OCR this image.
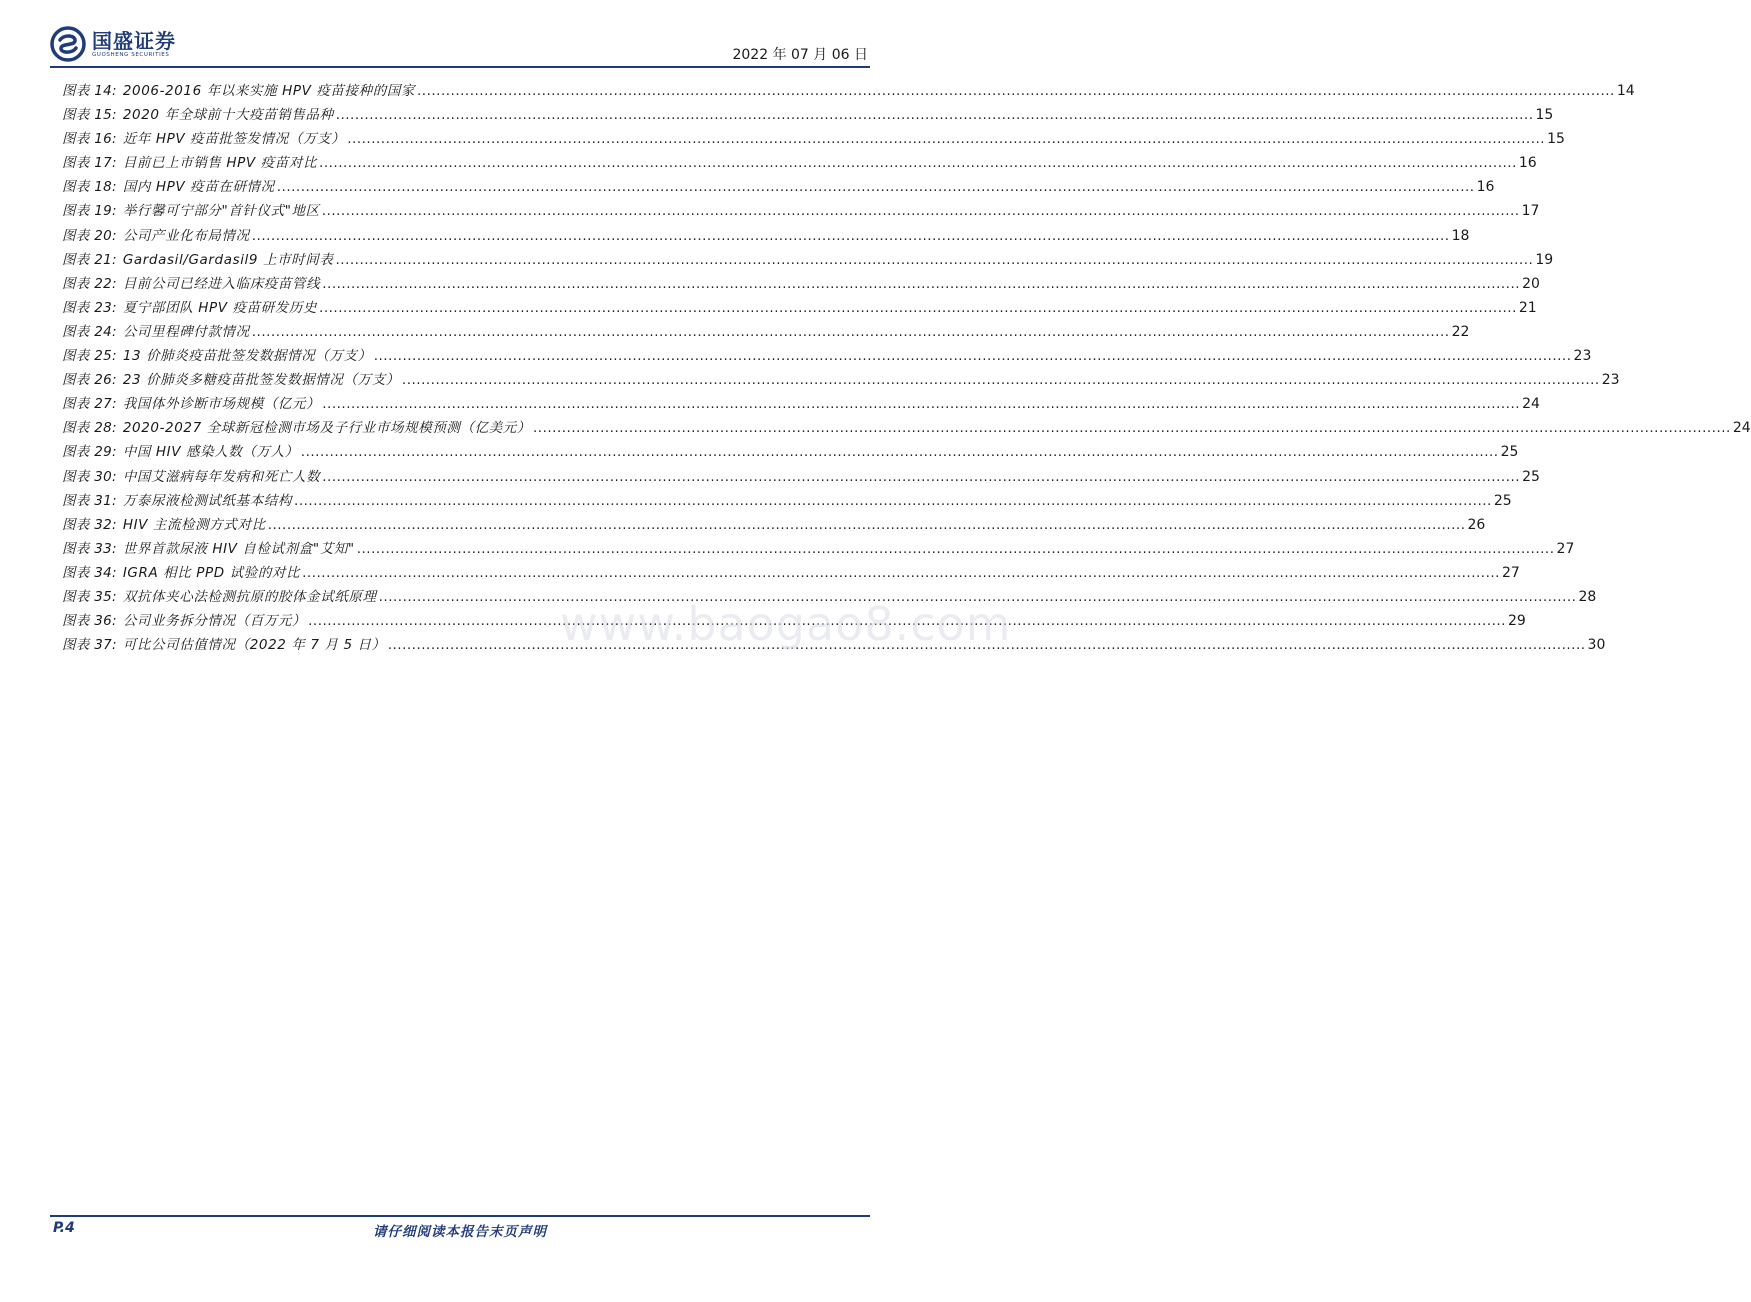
国盛证券
GUOSHENG SECURITIES	2022 年 07 月 06 日
图表 14: 2006-2016 年以来实施 HPV 疫苗接种的国家 .....	14
图表 15: 2020 年全球前十大疫苗销售品种 .....	15
图表 16: 近年 HPV 疫苗批签发情况（万支） .....	15
图表 17: 目前已上市销售 HPV 疫苗对比 .....	16
图表 18: 国内 HPV 疫苗在研情况 .....	16
图表 19: 举行馨可宁部分"首针仪式"地区 .....	17
图表 20: 公司产业化布局情况 .....	18
图表 21: Gardasil/Gardasil9 上市时间表 .....	19
图表 22: 目前公司已经进入临床疫苗管线 .....	20
图表 23: 夏宁部团队 HPV 疫苗研发历史 .....	21
图表 24: 公司里程碑付款情况 .....	22
图表 25: 13 价肺炎疫苗批签发数据情况（万支） .....	23
图表 26: 23 价肺炎多糖疫苗批签发数据情况（万支） .....	23
图表 27: 我国体外诊断市场规模（亿元） .....	24
图表 28: 2020-2027 全球新冠检测市场及子行业市场规模预测（亿美元） .....	24
图表 29: 中国 HIV 感染人数（万人） .....	25
图表 30: 中国艾滋病每年发病和死亡人数 .....	25
图表 31: 万泰尿液检测试纸基本结构 .....	25
图表 32: HIV 主流检测方式对比 .....	26
图表 33: 世界首款尿液 HIV 自检试剂盒"艾知" .....	27
图表 34: IGRA 相比 PPD 试验的对比 .....	27
图表 35: 双抗体夹心法检测抗原的胶体金试纸原理 .....	28
图表 36: 公司业务拆分情况（百万元） .....	29
图表 37: 可比公司估值情况（2022 年 7 月 5 日） .....	30
www.baogao8.com
P.4	请仔细阅读本报告末页声明
